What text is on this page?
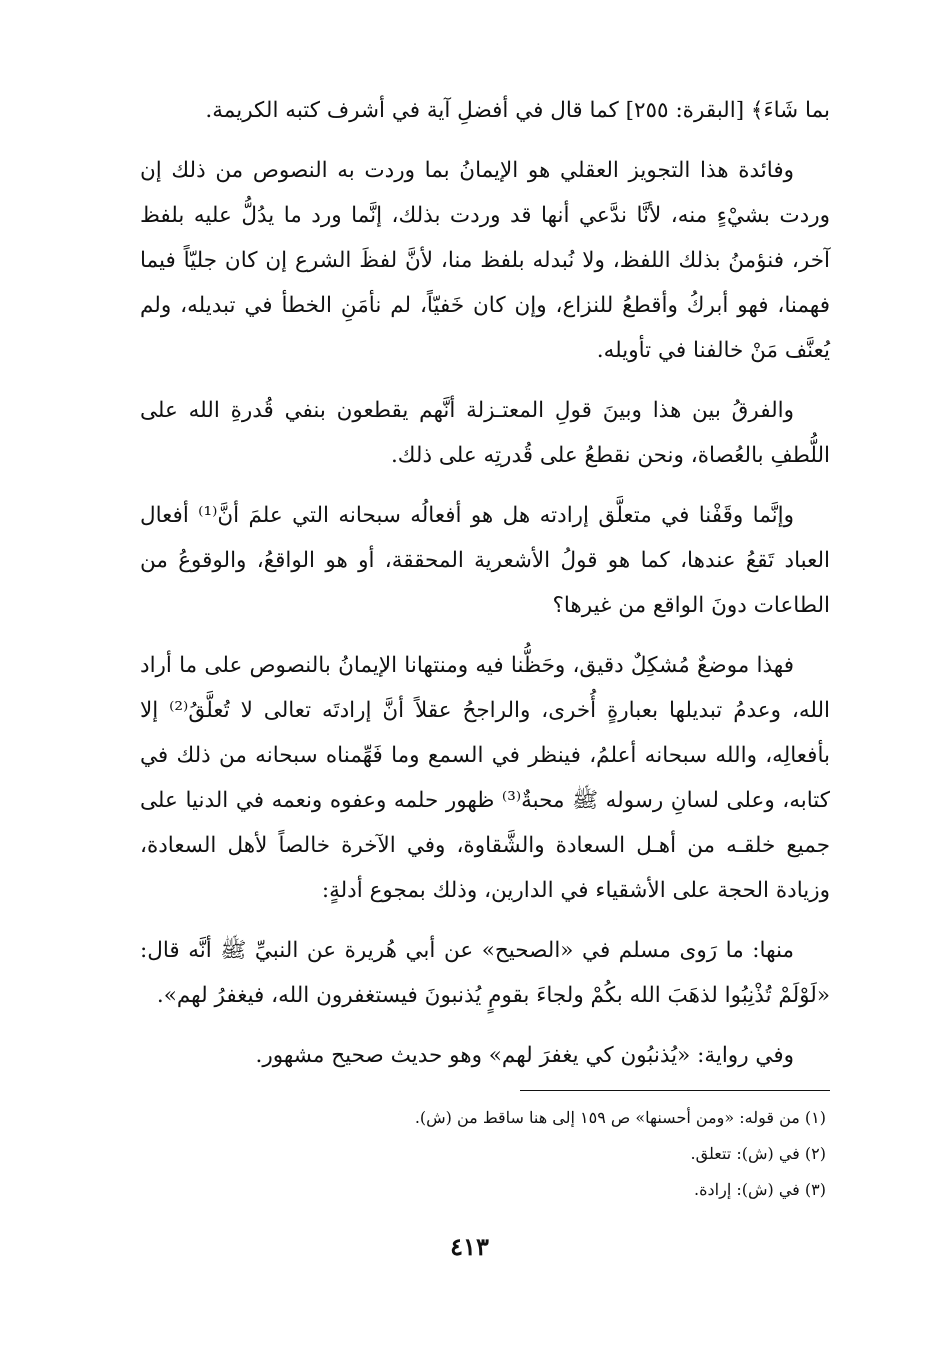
بما شَاءَ﴾ [البقرة: ٢٥٥] كما قال في أفضلِ آية في أشرف كتبه الكريمة.

وفائدة هذا التجويز العقلي هو الإيمانُ بما وردت به النصوص من ذلك إن وردت بشيْءٍ منه، لأنَّا ندَّعي أنها قد وردت بذلك، إنَّما ورد ما يدُلُّ عليه بلفظ آخر، فنؤمنُ بذلك اللفظ، ولا نُبدله بلفظ منا، لأنَّ لفظَ الشرع إن كان جليّاً فيما فهمنا، فهو أبركُ وأقطعُ للنزاع، وإن كان خَفيّاً، لم نأمَنِ الخطأ في تبديله، ولم يُعنَّف مَنْ خالفنا في تأويله.

والفرقُ بين هذا وبينَ قولِ المعتـزلة أنَّهم يقطعون بنفي قُدرةِ الله على اللُّطفِ بالعُصاة، ونحن نقطعُ على قُدرتِه على ذلك.

وإنَّما وقَفْنا في متعلَّق إرادته هل هو أفعالُه سبحانه التي علمَ أنَّ⁽¹⁾ أفعال العباد تَقعُ عندها، كما هو قولُ الأشعرية المحققة، أو هو الواقعُ، والوقوعُ من الطاعات دونَ الواقع من غيرها؟

فهذا موضعٌ مُشكِلٌ دقيق، وحَظُّنا فيه ومنتهانا الإيمانُ بالنصوص على ما أراد الله، وعدمُ تبديلها بعبارةٍ أُخرى، والراجحُ عقلاً أنَّ إرادتَه تعالى لا تُعلَّقُ⁽²⁾ إلا بأفعالِه، والله سبحانه أعلمُ، فينظر في السمع وما فَهِّمناه سبحانه من ذلك في كتابه، وعلى لسانِ رسوله ﷺ محبةٌ⁽³⁾ ظهور حلمه وعفوه ونعمه في الدنيا على جميع خلقـه من أهـل السعادة والشَّقاوة، وفي الآخرة خالصاً لأهل السعادة، وزيادة الحجة على الأشقياء في الدارين، وذلك بمجوع أدلةٍ:

منها: ما رَوى مسلم في «الصحيح» عن أبي هُريرة عن النبيِّ ﷺ أنَّه قال: «لَوْلَمْ تُذْنِبُوا لذهَبَ الله بكُمْ ولجاءَ بقومٍ يُذنبونَ فيستغفرون الله، فيغفرُ لهم».

وفي رواية: «يُذنبُون كي يغفرَ لهم» وهو حديث صحيح مشهور.

(١) من قوله: «ومن أحسنها» ص ١٥٩ إلى هنا ساقط من (ش).

(٢) في (ش): تتعلق.

(٣) في (ش): إرادة.

٤١٣
